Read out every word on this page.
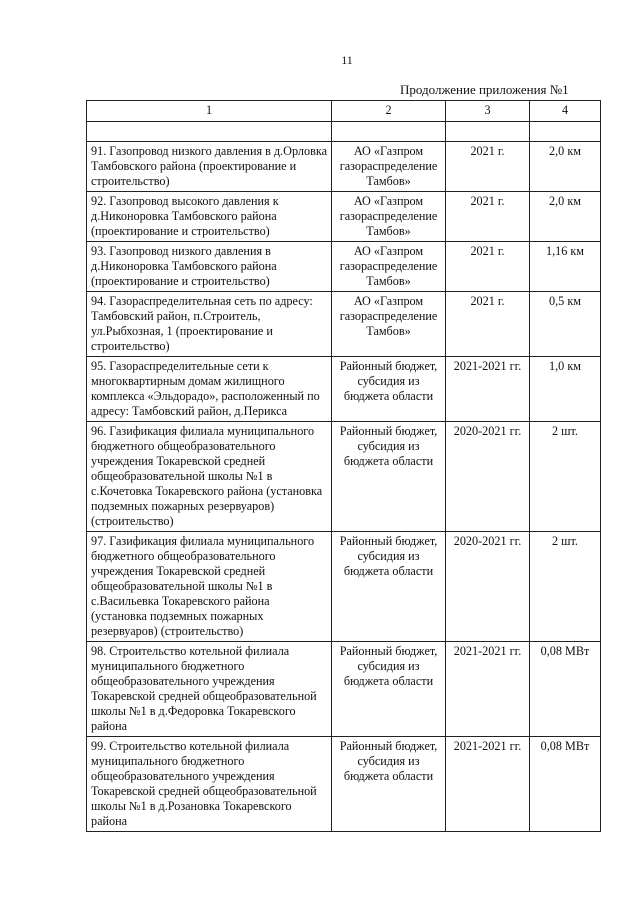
11
Продолжение приложения №1
1	2	3	4

91. Газопровод низкого давления в д.Орловка Тамбовского района (проектирование и строительство)	АО «Газпром газораспределение Тамбов»	2021 г.	2,0 км
92. Газопровод высокого давления к д.Никоноровка Тамбовского района (проектирование и строительство)	АО «Газпром газораспределение Тамбов»	2021 г.	2,0 км
93. Газопровод низкого давления в д.Никоноровка Тамбовского района (проектирование и строительство)	АО «Газпром газораспределение Тамбов»	2021 г.	1,16 км
94. Газораспределительная сеть по адресу: Тамбовский район, п.Строитель, ул.Рыбхозная, 1 (проектирование и строительство)	АО «Газпром газораспределение Тамбов»	2021 г.	0,5 км
95. Газораспределительные сети к многоквартирным домам жилищного комплекса «Эльдорадо», расположенный по адресу: Тамбовский район, д.Перикса	Районный бюджет, субсидия из бюджета области	2021-2021 гг.	1,0 км
96. Газификация филиала муниципального бюджетного общеобразовательного учреждения Токаревской средней общеобразовательной школы №1 в с.Кочетовка Токаревского района (установка подземных пожарных резервуаров) (строительство)	Районный бюджет, субсидия из бюджета области	2020-2021 гг.	2 шт.
97. Газификация филиала муниципального бюджетного общеобразовательного учреждения Токаревской средней общеобразовательной школы №1 в с.Васильевка Токаревского района (установка подземных пожарных резервуаров) (строительство)	Районный бюджет, субсидия из бюджета области	2020-2021 гг.	2 шт.
98. Строительство котельной филиала муниципального бюджетного общеобразовательного учреждения Токаревской средней общеобразовательной школы №1 в д.Федоровка Токаревского района	Районный бюджет, субсидия из бюджета области	2021-2021 гг.	0,08 МВт
99. Строительство котельной филиала муниципального бюджетного общеобразовательного учреждения Токаревской средней общеобразовательной школы №1 в д.Розановка Токаревского района	Районный бюджет, субсидия из бюджета области	2021-2021 гг.	0,08 МВт
